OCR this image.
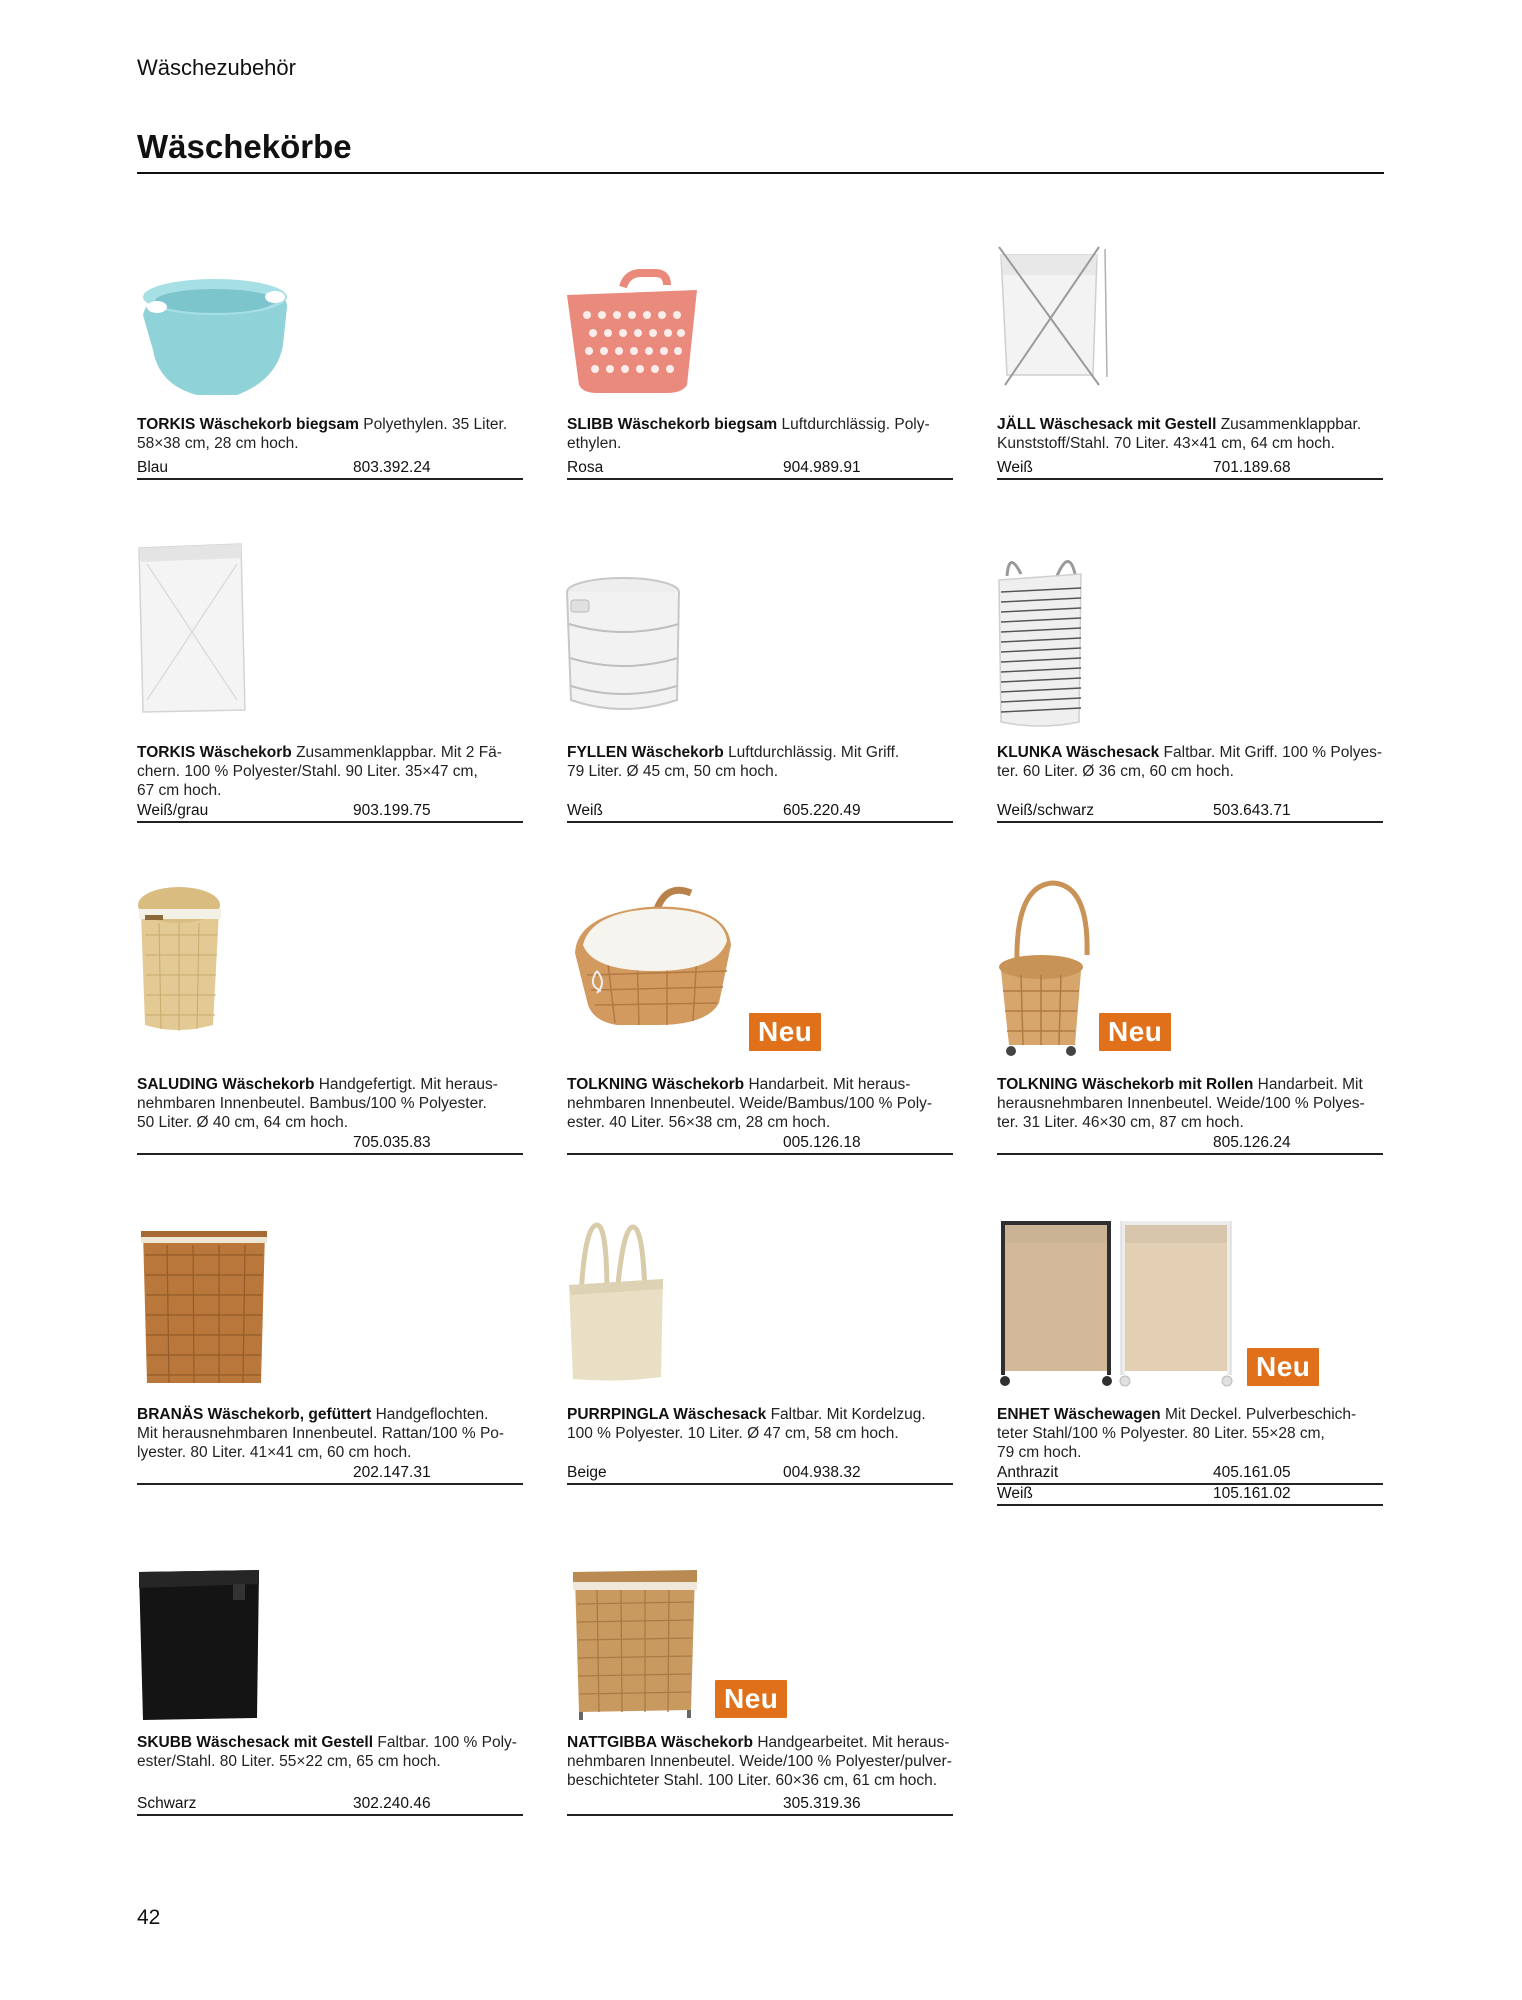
Wäschezubehör
Wäschekörbe
TORKIS Wäschekorb biegsam Polyethylen. 35 Liter.
58×38 cm, 28 cm hoch.
Blau	803.392.24
SLIBB Wäschekorb biegsam Luftdurchlässig. Poly-
ethylen.
Rosa	904.989.91
JÄLL Wäschesack mit Gestell Zusammenklappbar.
Kunststoff/Stahl. 70 Liter. 43×41 cm, 64 cm hoch.
Weiß	701.189.68
TORKIS Wäschekorb Zusammenklappbar. Mit 2 Fä-
chern. 100 % Polyester/Stahl. 90 Liter. 35×47 cm,
67 cm hoch.
Weiß/grau	903.199.75
FYLLEN Wäschekorb Luftdurchlässig. Mit Griff.
79 Liter. Ø 45 cm, 50 cm hoch.
Weiß	605.220.49
KLUNKA Wäschesack Faltbar. Mit Griff. 100 % Polyes-
ter. 60 Liter. Ø 36 cm, 60 cm hoch.
Weiß/schwarz	503.643.71
SALUDING Wäschekorb Handgefertigt. Mit heraus-
nehmbaren Innenbeutel. Bambus/100 % Polyester.
50 Liter. Ø 40 cm, 64 cm hoch.
705.035.83
Neu
TOLKNING Wäschekorb Handarbeit. Mit heraus-
nehmbaren Innenbeutel. Weide/Bambus/100 % Poly-
ester. 40 Liter. 56×38 cm, 28 cm hoch.
005.126.18
Neu
TOLKNING Wäschekorb mit Rollen Handarbeit. Mit
herausnehmbaren Innenbeutel. Weide/100 % Polyes-
ter. 31 Liter. 46×30 cm, 87 cm hoch.
805.126.24
BRANÄS Wäschekorb, gefüttert Handgeflochten.
Mit herausnehmbaren Innenbeutel. Rattan/100 % Po-
lyester. 80 Liter. 41×41 cm, 60 cm hoch.
202.147.31
PURRPINGLA Wäschesack Faltbar. Mit Kordelzug.
100 % Polyester. 10 Liter. Ø 47 cm, 58 cm hoch.
Beige	004.938.32
Neu
ENHET Wäschewagen Mit Deckel. Pulverbeschich-
teter Stahl/100 % Polyester. 80 Liter. 55×28 cm,
79 cm hoch.
Anthrazit	405.161.05
Weiß	105.161.02
SKUBB Wäschesack mit Gestell Faltbar. 100 % Poly-
ester/Stahl. 80 Liter. 55×22 cm, 65 cm hoch.
Schwarz	302.240.46
Neu
NATTGIBBA Wäschekorb Handgearbeitet. Mit heraus-
nehmbaren Innenbeutel. Weide/100 % Polyester/pulver-
beschichteter Stahl. 100 Liter. 60×36 cm, 61 cm hoch.
305.319.36
42
